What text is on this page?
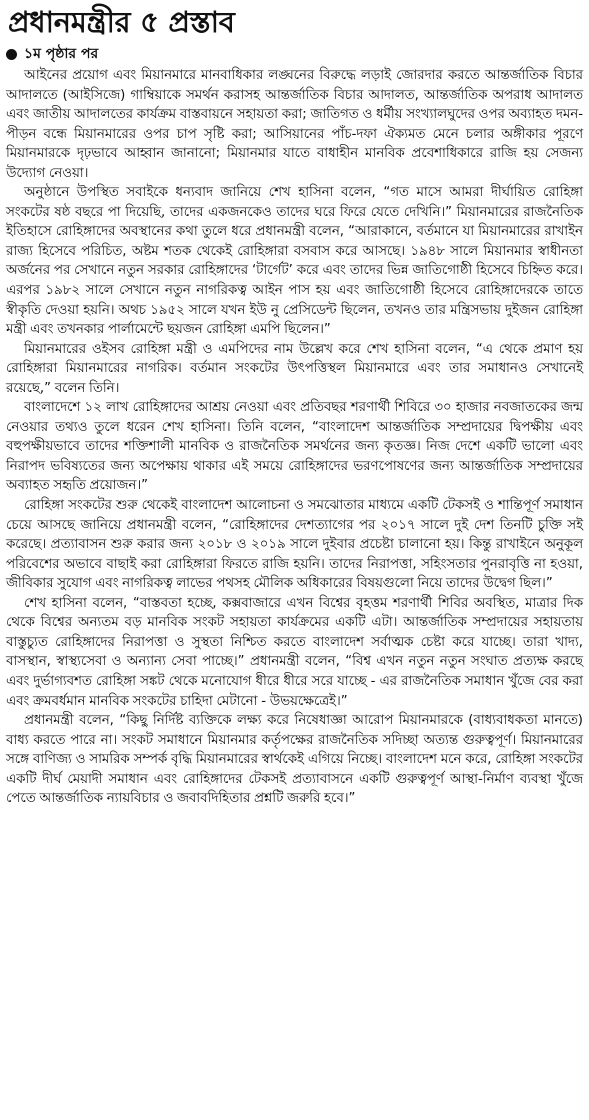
প্রধানমন্ত্রীর ৫ প্রস্তাব
১ম পৃষ্ঠার পর

আইনের প্রয়োগ এবং মিয়ানমারে মানবাধিকার লঙ্ঘনের বিরুদ্ধে লড়াই জোরদার করতে আন্তর্জাতিক বিচার আদালতে (আইসিজে) গাম্বিয়াকে সমর্থন করাসহ আন্তর্জাতিক বিচার আদালত, আন্তর্জাতিক অপরাধ আদালত এবং জাতীয় আদালতের কার্যক্রম বাস্তবায়নে সহায়তা করা; জাতিগত ও ধর্মীয় সংখ্যালঘুদের ওপর অব্যাহত দমন-পীড়ন বন্ধে মিয়ানমারের ওপর চাপ সৃষ্টি করা; আসিয়ানের পাঁচ-দফা ঐক্যমত মেনে চলার অঙ্গীকার পূরণে মিয়ানমারকে দৃঢ়ভাবে আহ্বান জানানো; মিয়ানমার যাতে বাধাহীন মানবিক প্রবেশাধিকারে রাজি হয় সেজন্য উদ্যোগ নেওয়া।

অনুষ্ঠানে উপস্থিত সবাইকে ধন্যবাদ জানিয়ে শেখ হাসিনা বলেন, “গত মাসে আমরা দীর্ঘায়িত রোহিঙ্গা সংকটের ষষ্ঠ বছরে পা দিয়েছি, তাদের একজনকেও তাদের ঘরে ফিরে যেতে দেখিনি।” মিয়ানমারের রাজনৈতিক ইতিহাসে রোহিঙ্গাদের অবস্থানের কথা তুলে ধরে প্রধানমন্ত্রী বলেন, “আরাকানে, বর্তমানে যা মিয়ানমারের রাখাইন রাজ্য হিসেবে পরিচিত, অষ্টম শতক থেকেই রোহিঙ্গারা বসবাস করে আসছে। ১৯৪৮ সালে মিয়ানমার স্বাধীনতা অর্জনের পর সেখানে নতুন সরকার রোহিঙ্গাদের ‘টার্গেট’ করে এবং তাদের ভিন্ন জাতিগোষ্ঠী হিসেবে চিহ্নিত করে। এরপর ১৯৮২ সালে সেখানে নতুন নাগরিকত্ব আইন পাস হয় এবং জাতিগোষ্ঠী হিসেবে রোহিঙ্গাদেরকে তাতে স্বীকৃতি দেওয়া হয়নি। অথচ ১৯৫২ সালে যখন ইউ নু প্রেসিডেন্ট ছিলেন, তখনও তার মন্ত্রিসভায় দুইজন রোহিঙ্গা মন্ত্রী এবং তখনকার পার্লামেন্টে ছয়জন রোহিঙ্গা এমপি ছিলেন।”

মিয়ানমারের ওইসব রোহিঙ্গা মন্ত্রী ও এমপিদের নাম উল্লেখ করে শেখ হাসিনা বলেন, “এ থেকে প্রমাণ হয় রোহিঙ্গারা মিয়ানমারের নাগরিক। বর্তমান সংকটের উৎপত্তিস্থল মিয়ানমারে এবং তার সমাধানও সেখানেই রয়েছে,” বলেন তিনি।

বাংলাদেশে ১২ লাখ রোহিঙ্গাদের আশ্রয় নেওয়া এবং প্রতিবছর শরণার্থী শিবিরে ৩০ হাজার নবজাতকের জন্ম নেওয়ার তথ্যও তুলে ধরেন শেখ হাসিনা। তিনি বলেন, “বাংলাদেশ আন্তর্জাতিক সম্প্রদায়ের দ্বিপক্ষীয় এবং বহুপক্ষীয়ভাবে তাদের শক্তিশালী মানবিক ও রাজনৈতিক সমর্থনের জন্য কৃতজ্ঞ। নিজ দেশে একটি ভালো এবং নিরাপদ ভবিষ্যতের জন্য অপেক্ষায় থাকার এই সময়ে রোহিঙ্গাদের ভরণপোষণের জন্য আন্তর্জাতিক সম্প্রদায়ের অব্যাহত সহৃতি প্রয়োজন।”

রোহিঙ্গা সংকটের শুরু থেকেই বাংলাদেশ আলোচনা ও সমঝোতার মাধ্যমে একটি টেকসই ও শান্তিপূর্ণ সমাধান চেয়ে আসছে জানিয়ে প্রধানমন্ত্রী বলেন, “রোহিঙ্গাদের দেশত্যাগের পর ২০১৭ সালে দুই দেশ তিনটি চুক্তি সই করেছে। প্রত্যাবাসন শুরু করার জন্য ২০১৮ ও ২০১৯ সালে দুইবার প্রচেষ্টা চালানো হয়। কিন্তু রাখাইনে অনুকূল পরিবেশের অভাবে বাছাই করা রোহিঙ্গারা ফিরতে রাজি হয়নি। তাদের নিরাপত্তা, সহিংসতার পুনরাবৃত্তি না হওয়া, জীবিকার সুযোগ এবং নাগরিকত্ব লাভের পথসহ মৌলিক অধিকারের বিষয়গুলো নিয়ে তাদের উদ্বেগ ছিল।”

শেখ হাসিনা বলেন, “বাস্তবতা হচ্ছে, কক্সবাজারে এখন বিশ্বের বৃহত্তম শরণার্থী শিবির অবস্থিত, মাত্রার দিক থেকে বিশ্বের অন্যতম বড় মানবিক সংকট সহায়তা কার্যক্রমের একটি এটা। আন্তর্জাতিক সম্প্রদায়ের সহায়তায় বাস্তুচ্যুত রোহিঙ্গাদের নিরাপত্তা ও সুস্থতা নিশ্চিত করতে বাংলাদেশ সর্বাত্মক চেষ্টা করে যাচ্ছে। তারা খাদ্য, বাসস্থান, স্বাস্থ্যসেবা ও অন্যান্য সেবা পাচ্ছে।” প্রধানমন্ত্রী বলেন, “বিশ্ব এখন নতুন নতুন সংঘাত প্রত্যক্ষ করছে এবং দুর্ভাগ্যবশত রোহিঙ্গা সঙ্কট থেকে মনোযোগ ধীরে ধীরে সরে যাচ্ছে - এর রাজনৈতিক সমাধান খুঁজে বের করা এবং ক্রমবর্ধমান মানবিক সংকটের চাহিদা মেটানো - উভয়ক্ষেত্রেই।”

প্রধানমন্ত্রী বলেন, “কিছু নির্দিষ্ট ব্যক্তিকে লক্ষ্য করে নিষেধাজ্ঞা আরোপ মিয়ানমারকে (বাধ্যবাধকতা মানতে) বাধ্য করতে পারে না। সংকট সমাধানে মিয়ানমার কর্তৃপক্ষের রাজনৈতিক সদিচ্ছা অত্যন্ত গুরুত্বপূর্ণ। মিয়ানমারের সঙ্গে বাণিজ্য ও সামরিক সম্পর্ক বৃদ্ধি মিয়ানমারের স্বার্থকেই এগিয়ে নিচ্ছে। বাংলাদেশ মনে করে, রোহিঙ্গা সংকটের একটি দীর্ঘ মেয়াদী সমাধান এবং রোহিঙ্গাদের টেকসই প্রত্যাবাসনে একটি গুরুত্বপূর্ণ আস্থা-নির্মাণ ব্যবস্থা খুঁজে পেতে আন্তর্জাতিক ন্যায়বিচার ও জবাবদিহিতার প্রশ্নটি জরুরি হবে।”
